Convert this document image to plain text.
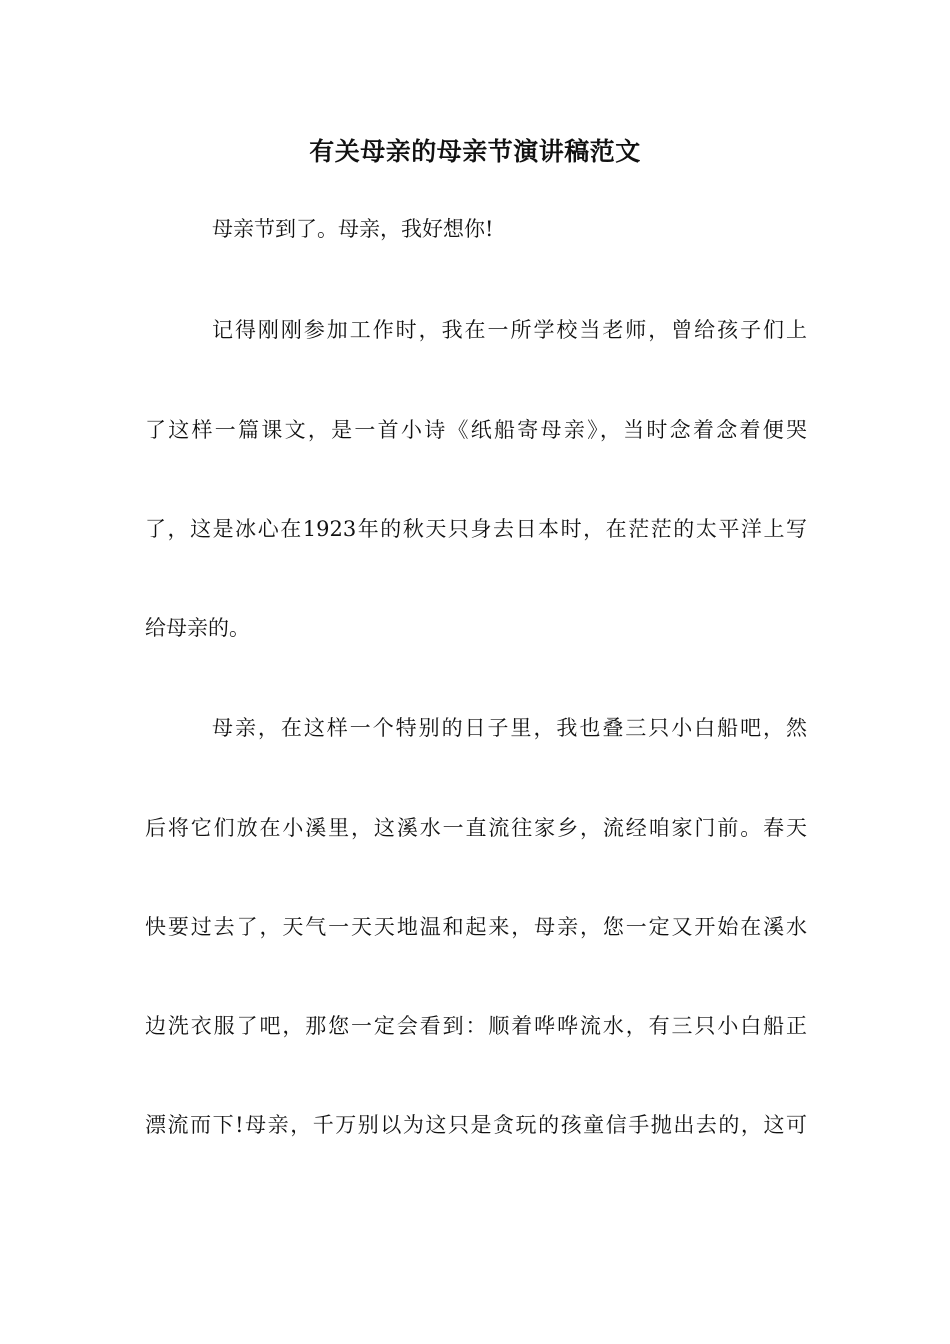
有关母亲的母亲节演讲稿范文
母亲节到了。母亲，我好想你!
记得刚刚参加工作时，我在一所学校当老师，曾给孩子们上
了这样一篇课文，是一首小诗《纸船寄母亲》，当时念着念着便哭
了，这是冰心在1923年的秋天只身去日本时，在茫茫的太平洋上写
给母亲的。
母亲，在这样一个特别的日子里，我也叠三只小白船吧，然
后将它们放在小溪里，这溪水一直流往家乡，流经咱家门前。春天
快要过去了，天气一天天地温和起来，母亲，您一定又开始在溪水
边洗衣服了吧，那您一定会看到：顺着哗哗流水，有三只小白船正
漂流而下!母亲，千万别以为这只是贪玩的孩童信手抛出去的，这可
